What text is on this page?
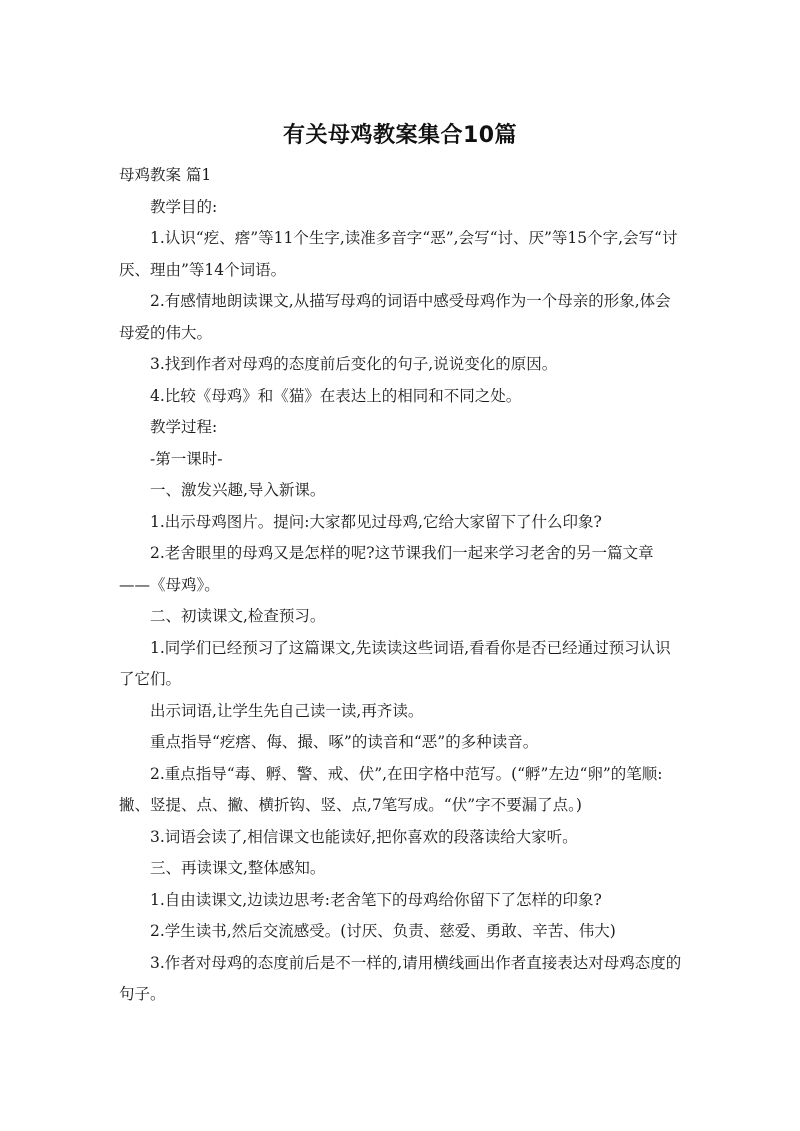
有关母鸡教案集合10篇

母鸡教案 篇1

教学目的:

1.认识“疙、瘩”等11个生字,读准多音字“恶”,会写“讨、厌”等15个字,会写“讨厌、理由”等14个词语。

2.有感情地朗读课文,从描写母鸡的词语中感受母鸡作为一个母亲的形象,体会母爱的伟大。

3.找到作者对母鸡的态度前后变化的句子,说说变化的原因。

4.比较《母鸡》和《猫》在表达上的相同和不同之处。

教学过程:

-第一课时-

一、激发兴趣,导入新课。

1.出示母鸡图片。提问:大家都见过母鸡,它给大家留下了什么印象?

2.老舍眼里的母鸡又是怎样的呢?这节课我们一起来学习老舍的另一篇文章——《母鸡》。

二、初读课文,检查预习。

1.同学们已经预习了这篇课文,先读读这些词语,看看你是否已经通过预习认识了它们。

出示词语,让学生先自己读一读,再齐读。

重点指导“疙瘩、侮、撮、啄”的读音和“恶”的多种读音。

2.重点指导“毒、孵、警、戒、伏”,在田字格中范写。(“孵”左边“卵”的笔顺:撇、竖提、点、撇、横折钩、竖、点,7笔写成。“伏”字不要漏了点。)

3.词语会读了,相信课文也能读好,把你喜欢的段落读给大家听。

三、再读课文,整体感知。

1.自由读课文,边读边思考:老舍笔下的母鸡给你留下了怎样的印象?

2.学生读书,然后交流感受。(讨厌、负责、慈爱、勇敢、辛苦、伟大)

3.作者对母鸡的态度前后是不一样的,请用横线画出作者直接表达对母鸡态度的句子。
